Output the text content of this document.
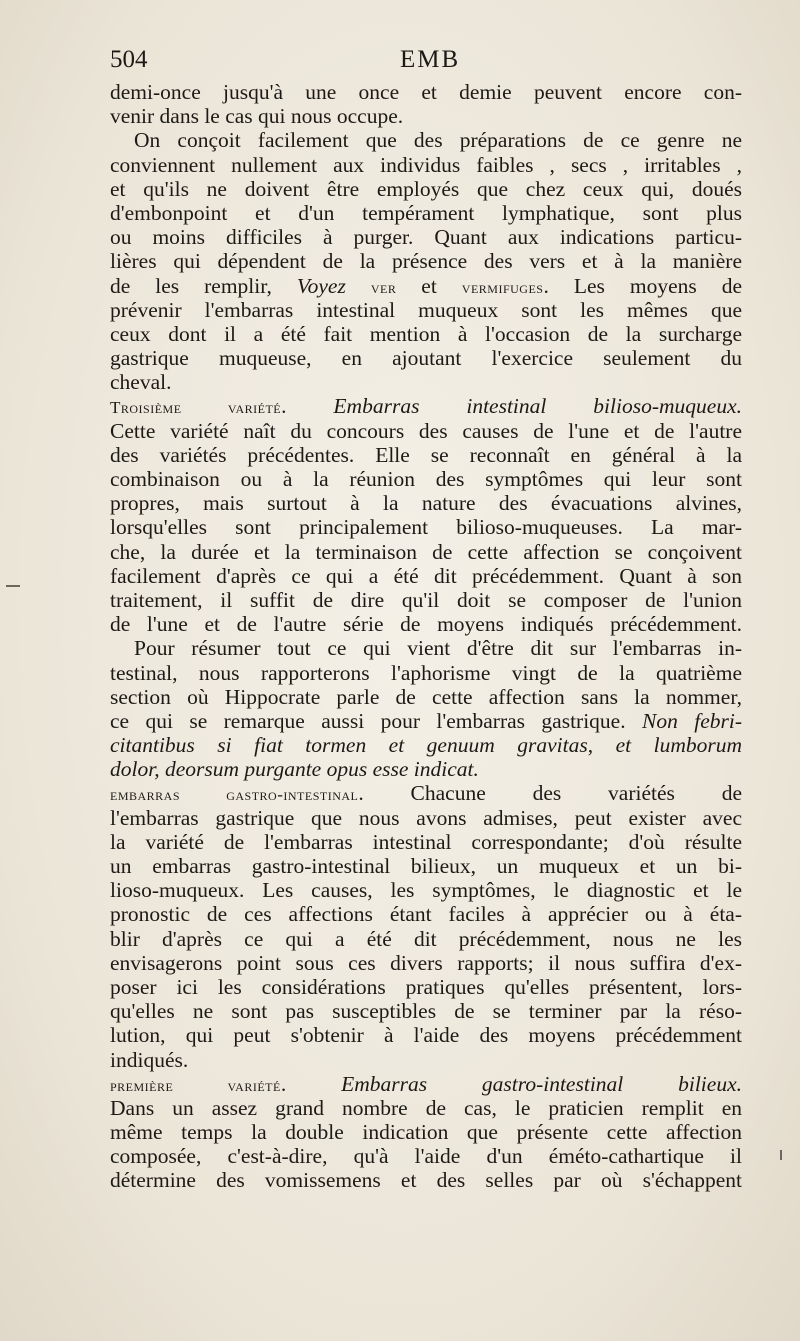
504	EMB
demi-once jusqu'à une once et demie peuvent encore con-
venir dans le cas qui nous occupe.
On conçoit facilement que des préparations de ce genre ne
conviennent nullement aux individus faibles , secs , irritables ,
et qu'ils ne doivent être employés que chez ceux qui, doués
d'embonpoint et d'un tempérament lymphatique, sont plus
ou moins difficiles à purger. Quant aux indications particu-
lières qui dépendent de la présence des vers et à la manière
de les remplir, Voyez ver et vermifuges. Les moyens de
prévenir l'embarras intestinal muqueux sont les mêmes que
ceux dont il a été fait mention à l'occasion de la surcharge
gastrique muqueuse, en ajoutant l'exercice seulement du
cheval.
Troisième variété. Embarras intestinal bilioso-muqueux.
Cette variété naît du concours des causes de l'une et de l'autre
des variétés précédentes. Elle se reconnaît en général à la
combinaison ou à la réunion des symptômes qui leur sont
propres, mais surtout à la nature des évacuations alvines,
lorsqu'elles sont principalement bilioso-muqueuses. La mar-
che, la durée et la terminaison de cette affection se conçoivent
facilement d'après ce qui a été dit précédemment. Quant à son
traitement, il suffit de dire qu'il doit se composer de l'union
de l'une et de l'autre série de moyens indiqués précédemment.
Pour résumer tout ce qui vient d'être dit sur l'embarras in-
testinal, nous rapporterons l'aphorisme vingt de la quatrième
section où Hippocrate parle de cette affection sans la nommer,
ce qui se remarque aussi pour l'embarras gastrique. Non febri-
citantibus si fiat tormen et genuum gravitas, et lumborum
dolor, deorsum purgante opus esse indicat.
embarras gastro-intestinal. Chacune des variétés de
l'embarras gastrique que nous avons admises, peut exister avec
la variété de l'embarras intestinal correspondante; d'où résulte
un embarras gastro-intestinal bilieux, un muqueux et un bi-
lioso-muqueux. Les causes, les symptômes, le diagnostic et le
pronostic de ces affections étant faciles à apprécier ou à éta-
blir d'après ce qui a été dit précédemment, nous ne les
envisagerons point sous ces divers rapports; il nous suffira d'ex-
poser ici les considérations pratiques qu'elles présentent, lors-
qu'elles ne sont pas susceptibles de se terminer par la réso-
lution, qui peut s'obtenir à l'aide des moyens précédemment
indiqués.
première variété. Embarras gastro-intestinal bilieux.
Dans un assez grand nombre de cas, le praticien remplit en
même temps la double indication que présente cette affection
composée, c'est-à-dire, qu'à l'aide d'un éméto-cathartique il
détermine des vomissemens et des selles par où s'échappent
